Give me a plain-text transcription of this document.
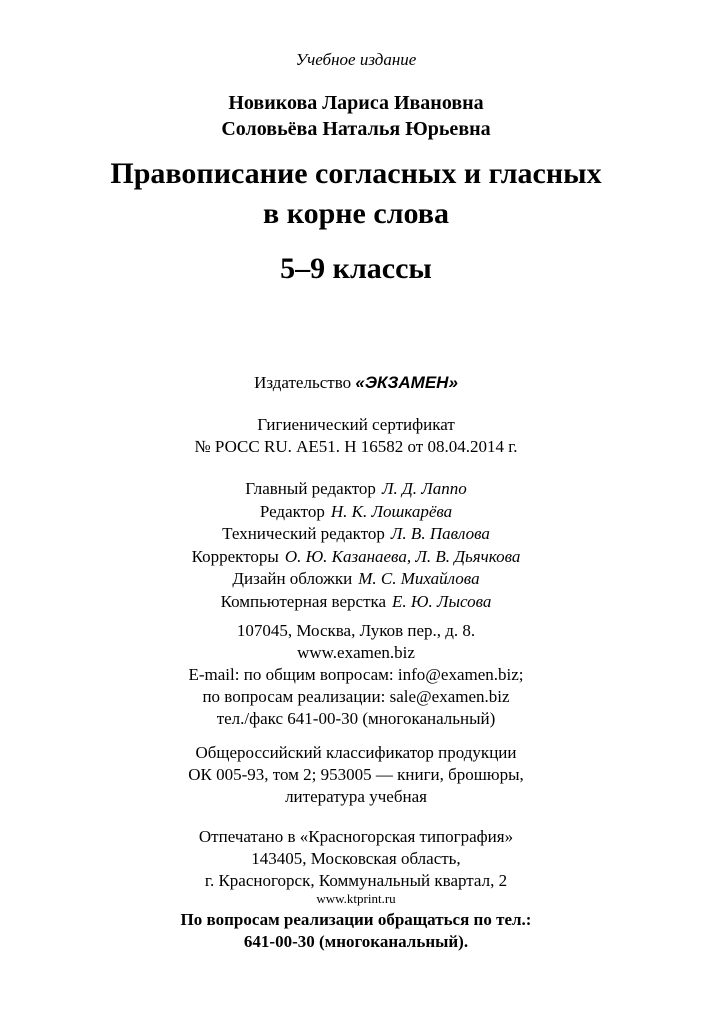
Учебное издание
Новикова Лариса Ивановна
Соловьёва Наталья Юрьевна
Правописание согласных и гласных
в корне слова
5–9 классы
Издательство «ЭКЗАМЕН»
Гигиенический сертификат
№ РОСС RU. АЕ51. Н 16582 от 08.04.2014 г.
Главный редактор Л. Д. Лаппо
Редактор Н. К. Лошкарёва
Технический редактор Л. В. Павлова
Корректоры О. Ю. Казанаева, Л. В. Дьячкова
Дизайн обложки М. С. Михайлова
Компьютерная верстка Е. Ю. Лысова
107045, Москва, Луков пер., д. 8.
www.examen.biz
E-mail: по общим вопросам: info@examen.biz;
по вопросам реализации: sale@examen.biz
тел./факс 641-00-30 (многоканальный)
Общероссийский классификатор продукции
ОК 005-93, том 2; 953005 — книги, брошюры,
литература учебная
Отпечатано в «Красногорская типография»
143405, Московская область,
г. Красногорск, Коммунальный квартал, 2
www.ktprint.ru
По вопросам реализации обращаться по тел.:
641-00-30 (многоканальный).
